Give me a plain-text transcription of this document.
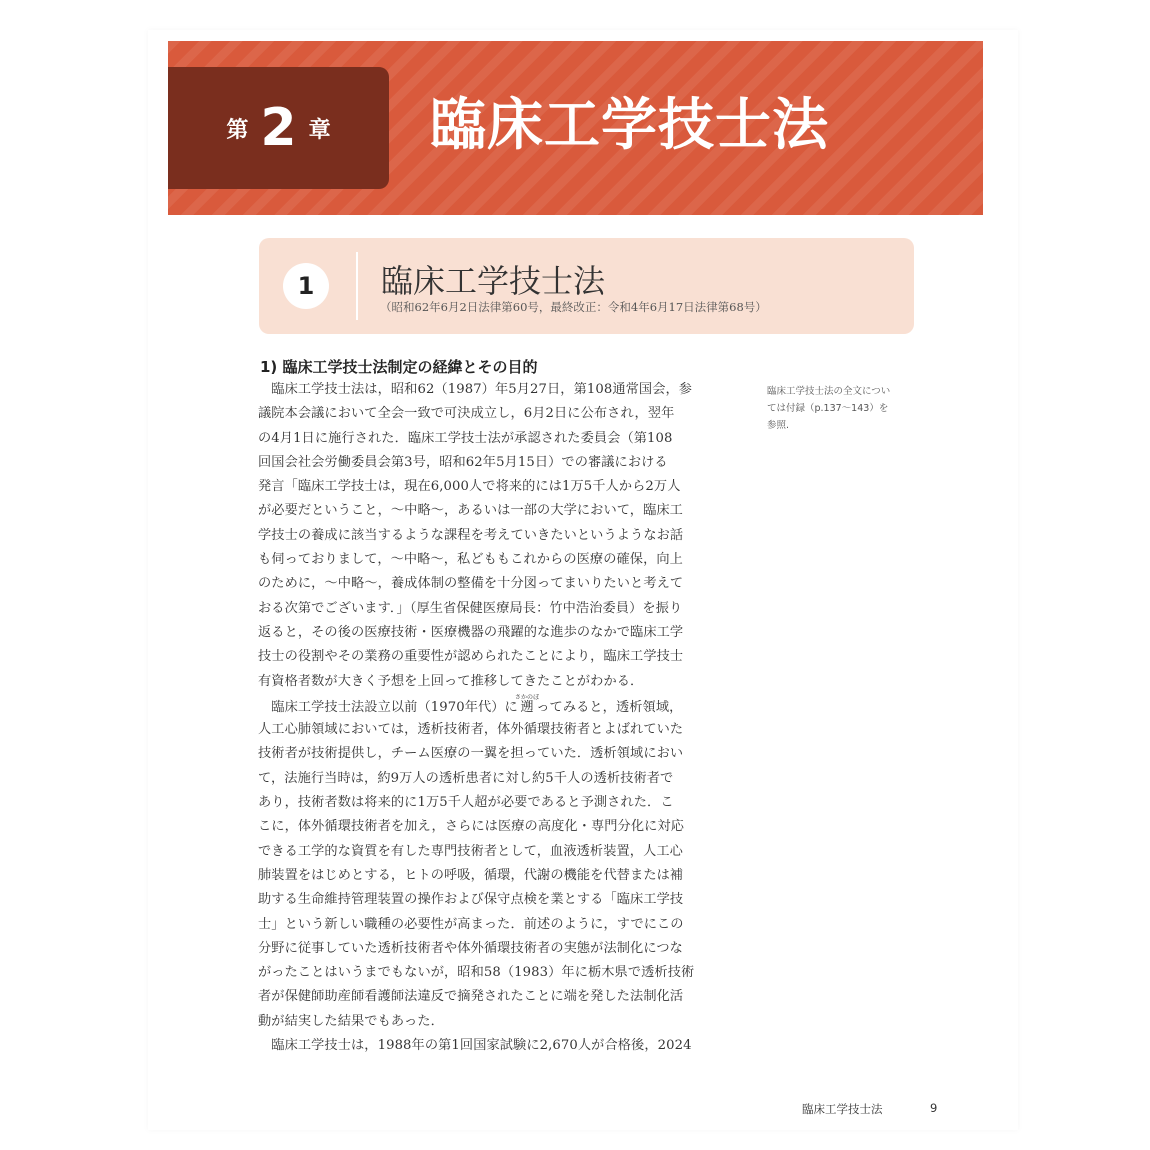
第 2 章 臨床工学技士法
1	臨床工学技士法
（昭和62年6月2日法律第60号，最終改正：令和4年6月17日法律第68号）
1) 臨床工学技士法制定の経緯とその目的
　臨床工学技士法は，昭和62（1987）年5月27日，第108通常国会，参
議院本会議において全会一致で可決成立し，6月2日に公布され，翌年
の4月1日に施行された．臨床工学技士法が承認された委員会（第108
回国会社会労働委員会第3号，昭和62年5月15日）での審議における
発言「臨床工学技士は，現在6,000人で将来的には1万5千人から2万人
が必要だということ，～中略～，あるいは一部の大学において，臨床工
学技士の養成に該当するような課程を考えていきたいというようなお話
も伺っておりまして，～中略～，私どももこれからの医療の確保，向上
のために，～中略～，養成体制の整備を十分図ってまいりたいと考えて
おる次第でございます．」（厚生省保健医療局長：竹中浩治委員）を振り
返ると，その後の医療技術・医療機器の飛躍的な進歩のなかで臨床工学
技士の役割やその業務の重要性が認められたことにより，臨床工学技士
有資格者数が大きく予想を上回って推移してきたことがわかる．
　臨床工学技士法設立以前（1970年代）に遡さかのぼってみると，透析領域，
人工心肺領域においては，透析技術者，体外循環技術者とよばれていた
技術者が技術提供し，チーム医療の一翼を担っていた．透析領域におい
て，法施行当時は，約9万人の透析患者に対し約5千人の透析技術者で
あり，技術者数は将来的に1万5千人超が必要であると予測された．こ
こに，体外循環技術者を加え，さらには医療の高度化・専門分化に対応
できる工学的な資質を有した専門技術者として，血液透析装置，人工心
肺装置をはじめとする，ヒトの呼吸，循環，代謝の機能を代替または補
助する生命維持管理装置の操作および保守点検を業とする「臨床工学技
士」という新しい職種の必要性が高まった．前述のように，すでにこの
分野に従事していた透析技術者や体外循環技術者の実態が法制化につな
がったことはいうまでもないが，昭和58（1983）年に栃木県で透析技術
者が保健師助産師看護師法違反で摘発されたことに端を発した法制化活
動が結実した結果でもあった．
　臨床工学技士は，1988年の第1回国家試験に2,670人が合格後，2024
臨床工学技士法の全文につい
ては付録（p.137～143）を
参照.
臨床工学技士法	9
